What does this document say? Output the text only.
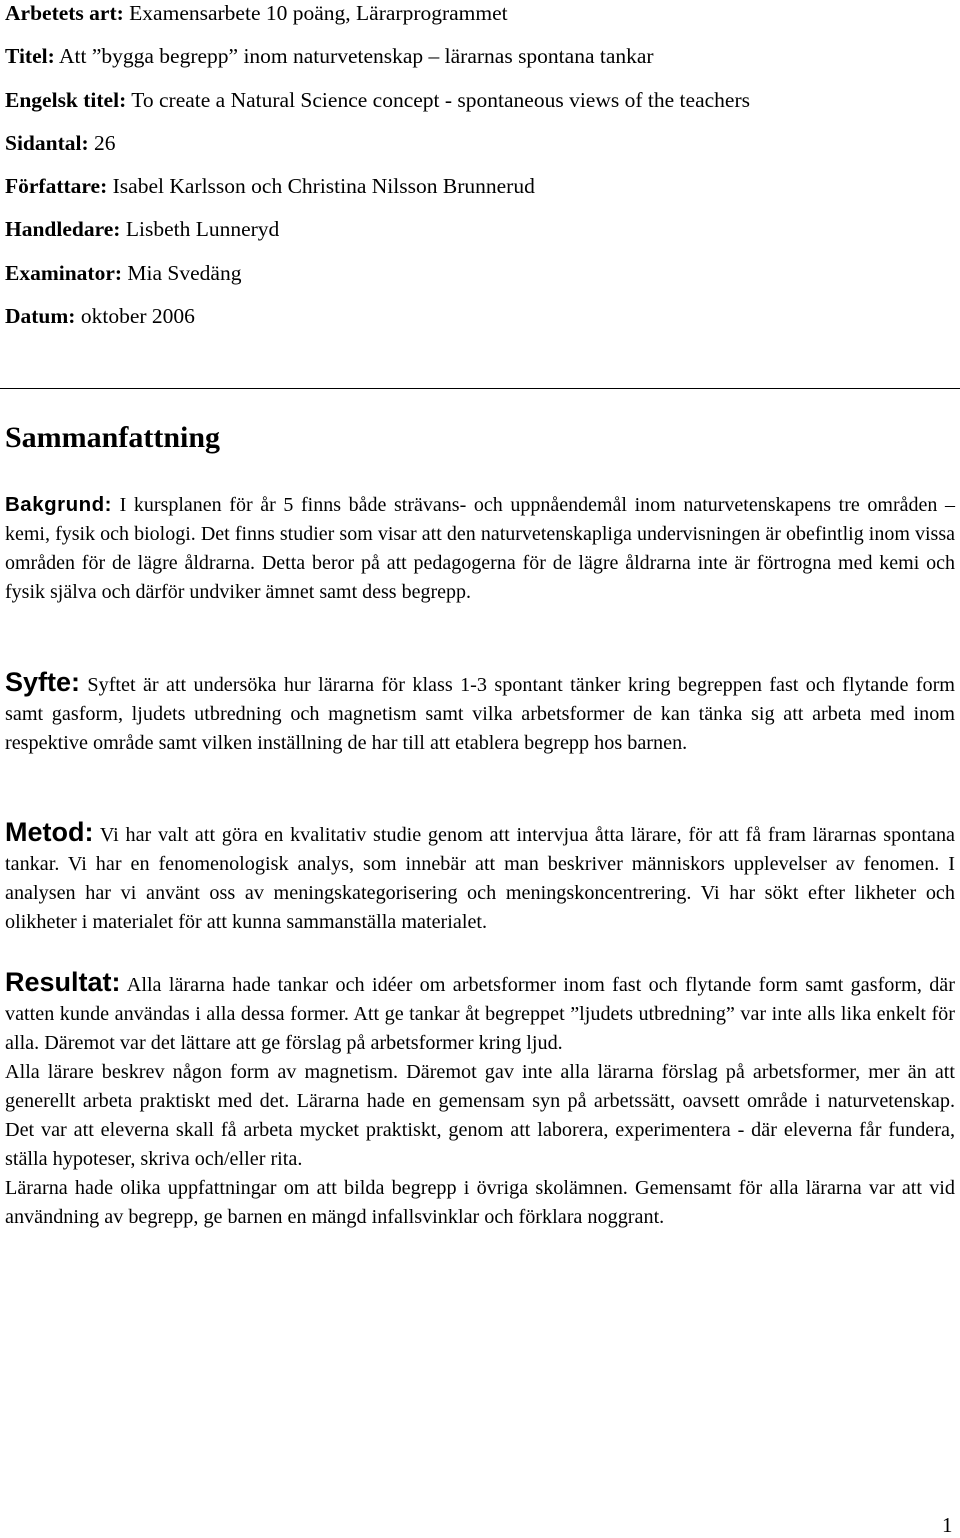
Arbetets art: Examensarbete 10 poäng, Lärarprogrammet
Titel: Att ”bygga begrepp” inom naturvetenskap – lärarnas spontana tankar
Engelsk titel: To create a Natural Science concept - spontaneous views of the teachers
Sidantal: 26
Författare: Isabel Karlsson och Christina Nilsson Brunnerud
Handledare: Lisbeth Lunneryd
Examinator: Mia Svedäng
Datum: oktober 2006
Sammanfattning

Bakgrund: I kursplanen för år 5 finns både strävans- och uppnåendemål inom naturvetenskapens tre områden – kemi, fysik och biologi. Det finns studier som visar att den naturvetenskapliga undervisningen är obefintlig inom vissa områden för de lägre åldrarna. Detta beror på att pedagogerna för de lägre åldrarna inte är förtrogna med kemi och fysik själva och därför undviker ämnet samt dess begrepp.

Syfte: Syftet är att undersöka hur lärarna för klass 1-3 spontant tänker kring begreppen fast och flytande form samt gasform, ljudets utbredning och magnetism samt vilka arbetsformer de kan tänka sig att arbeta med inom respektive område samt vilken inställning de har till att etablera begrepp hos barnen.

Metod: Vi har valt att göra en kvalitativ studie genom att intervjua åtta lärare, för att få fram lärarnas spontana tankar. Vi har en fenomenologisk analys, som innebär att man beskriver människors upplevelser av fenomen. I analysen har vi använt oss av meningskategorisering och meningskoncentrering. Vi har sökt efter likheter och olikheter i materialet för att kunna sammanställa materialet.

Resultat: Alla lärarna hade tankar och idéer om arbetsformer inom fast och flytande form samt gasform, där vatten kunde användas i alla dessa former. Att ge tankar åt begreppet ”ljudets utbredning” var inte alls lika enkelt för alla. Däremot var det lättare att ge förslag på arbetsformer kring ljud.

Alla lärare beskrev någon form av magnetism. Däremot gav inte alla lärarna förslag på arbetsformer, mer än att generellt arbeta praktiskt med det. Lärarna hade en gemensam syn på arbetssätt, oavsett område i naturvetenskap. Det var att eleverna skall få arbeta mycket praktiskt, genom att laborera, experimentera - där eleverna får fundera, ställa hypoteser, skriva och/eller rita.

Lärarna hade olika uppfattningar om att bilda begrepp i övriga skolämnen. Gemensamt för alla lärarna var att vid användning av begrepp, ge barnen en mängd infallsvinklar och förklara noggrant.

1
